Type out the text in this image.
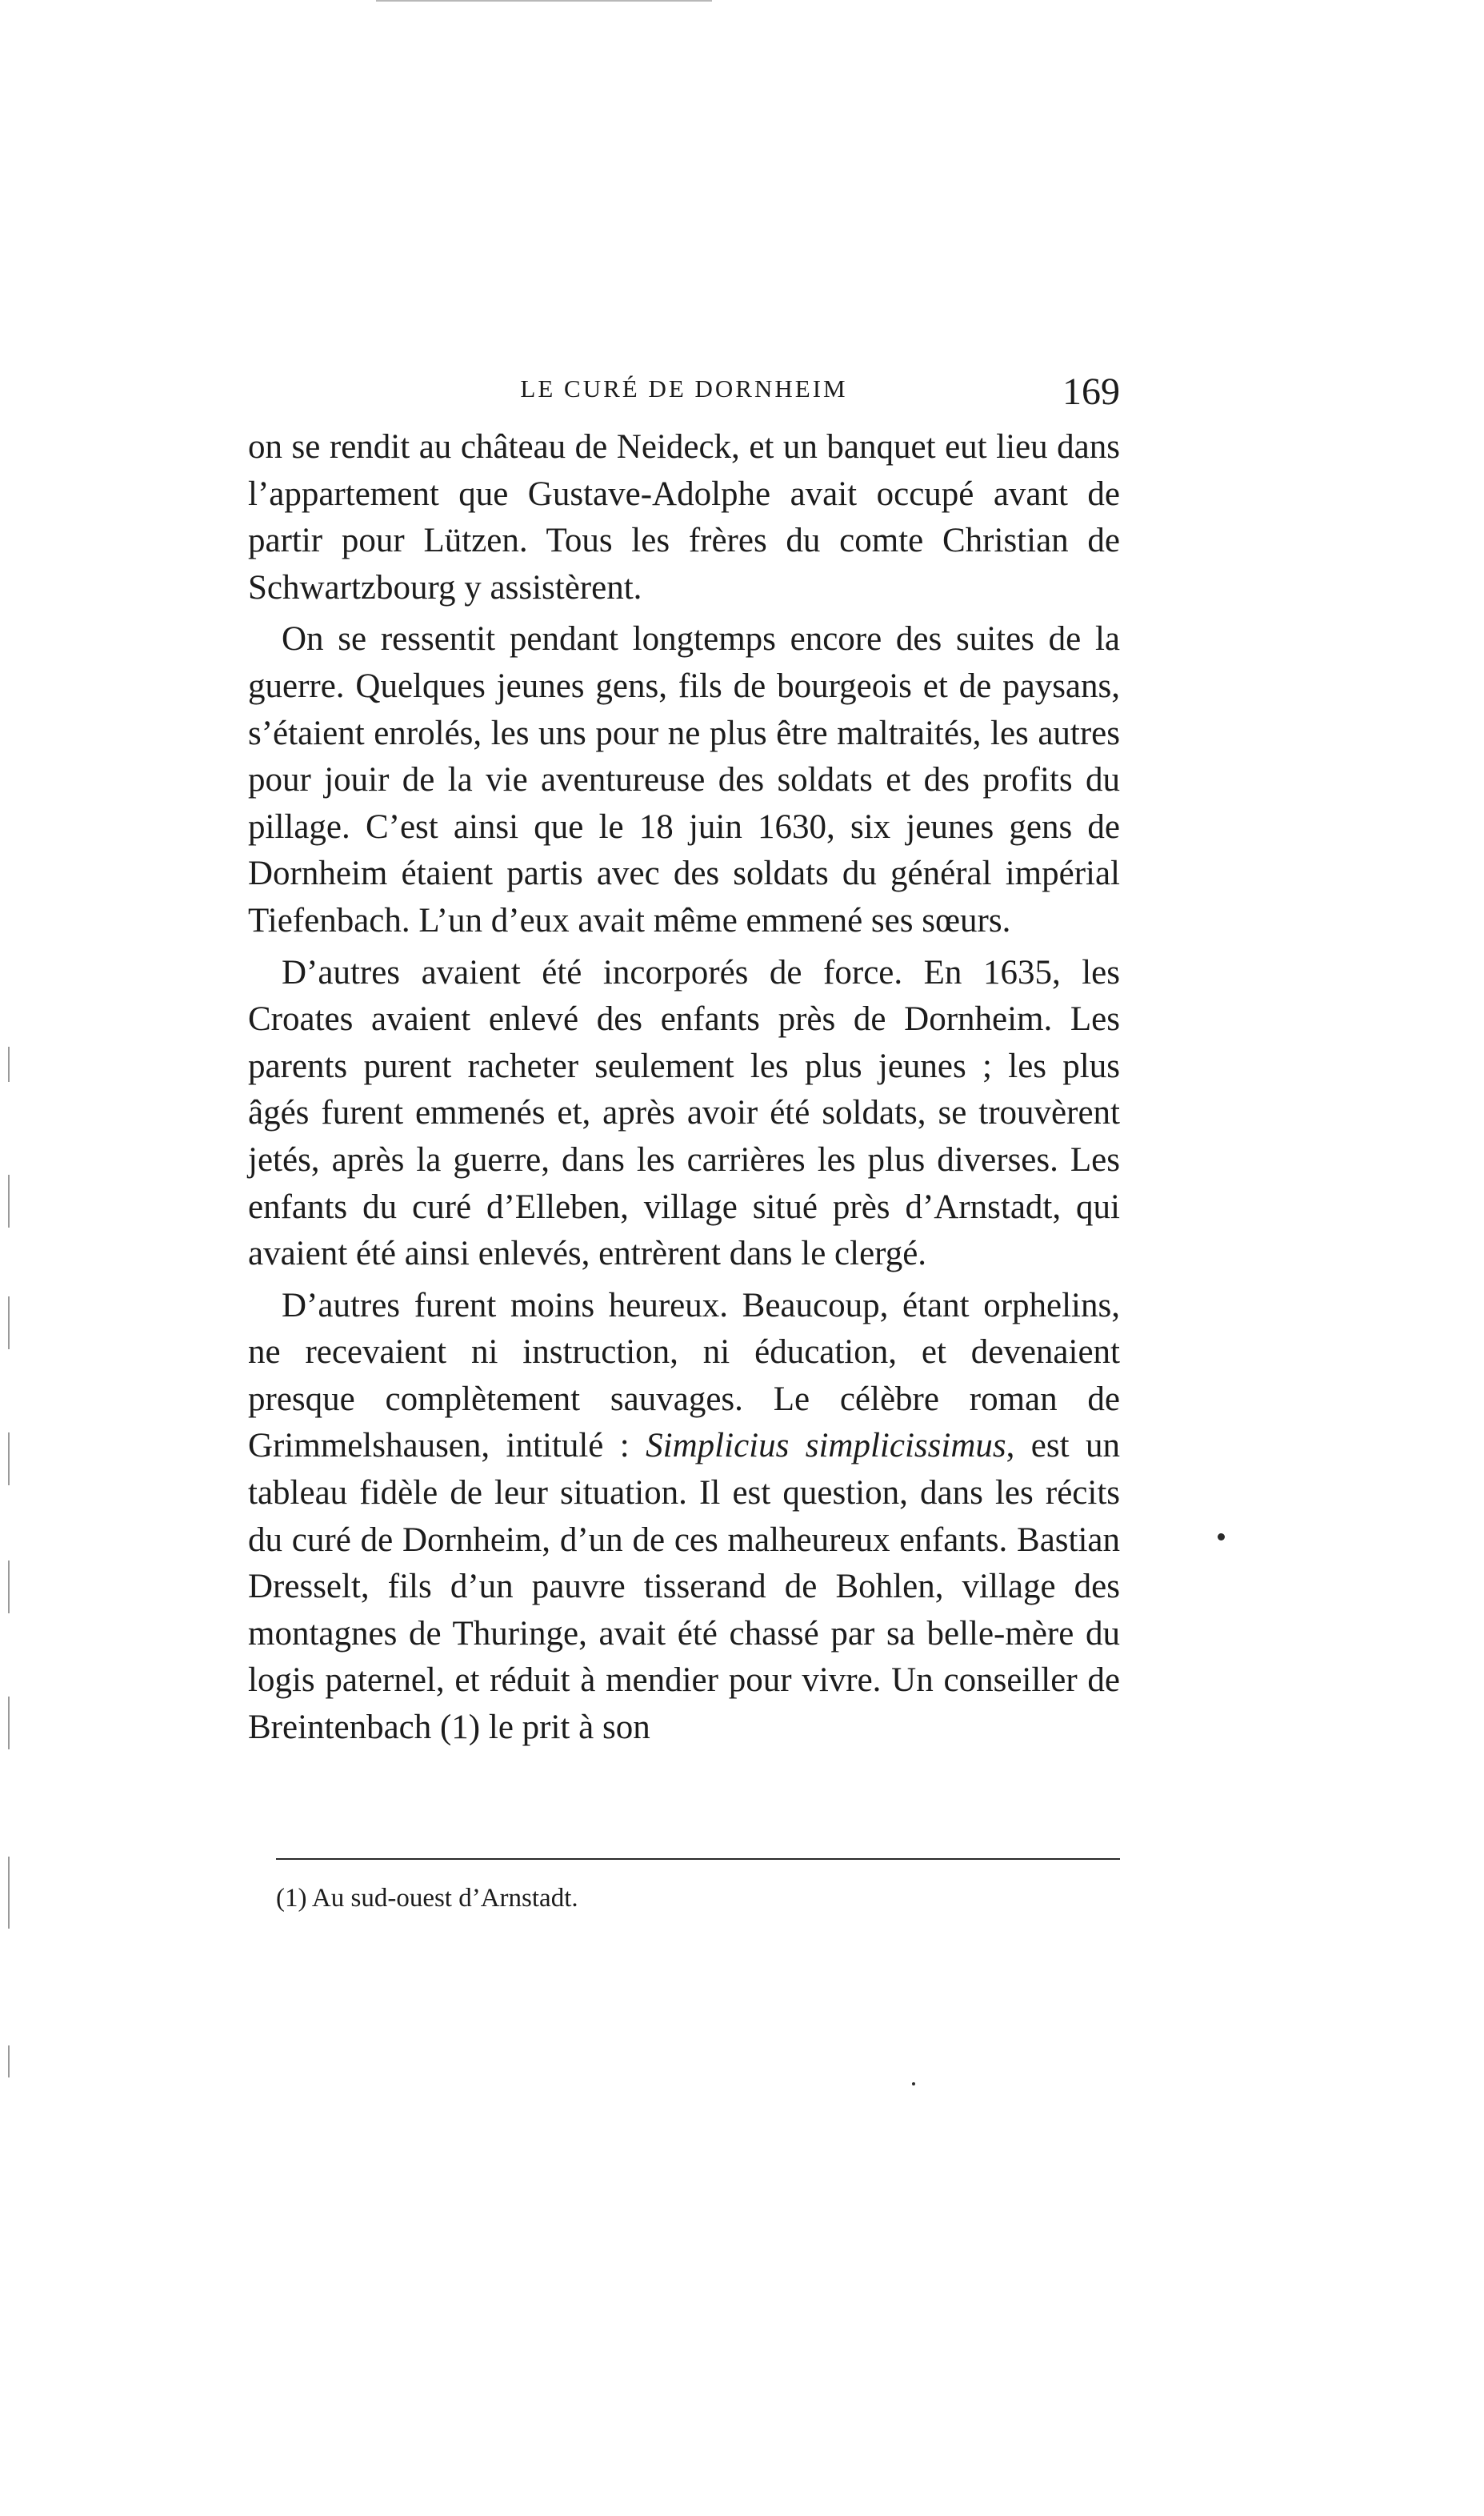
LE CURÉ DE DORNHEIM	169

on se rendit au château de Neideck, et un banquet eut lieu dans l’appartement que Gustave-Adolphe avait occupé avant de partir pour Lützen. Tous les frères du comte Christian de Schwartzbourg y assistèrent.

On se ressentit pendant longtemps encore des suites de la guerre. Quelques jeunes gens, fils de bourgeois et de paysans, s’étaient enrolés, les uns pour ne plus être maltraités, les autres pour jouir de la vie aventureuse des soldats et des profits du pillage. C’est ainsi que le 18 juin 1630, six jeunes gens de Dornheim étaient partis avec des soldats du général impérial Tiefenbach. L’un d’eux avait même emmené ses sœurs.

D’autres avaient été incorporés de force. En 1635, les Croates avaient enlevé des enfants près de Dornheim. Les parents purent racheter seulement les plus jeunes ; les plus âgés furent emmenés et, après avoir été soldats, se trouvèrent jetés, après la guerre, dans les carrières les plus diverses. Les enfants du curé d’Elleben, village situé près d’Arnstadt, qui avaient été ainsi enlevés, entrèrent dans le clergé.

D’autres furent moins heureux. Beaucoup, étant orphelins, ne recevaient ni instruction, ni éducation, et devenaient presque complètement sauvages. Le célèbre roman de Grimmelshausen, intitulé : Simplicius simplicissimus, est un tableau fidèle de leur situation. Il est question, dans les récits du curé de Dornheim, d’un de ces malheureux enfants. Bastian Dresselt, fils d’un pauvre tisserand de Bohlen, village des montagnes de Thuringe, avait été chassé par sa belle-mère du logis paternel, et réduit à mendier pour vivre. Un conseiller de Breintenbach (1) le prit à son

(1) Au sud-ouest d’Arnstadt.
